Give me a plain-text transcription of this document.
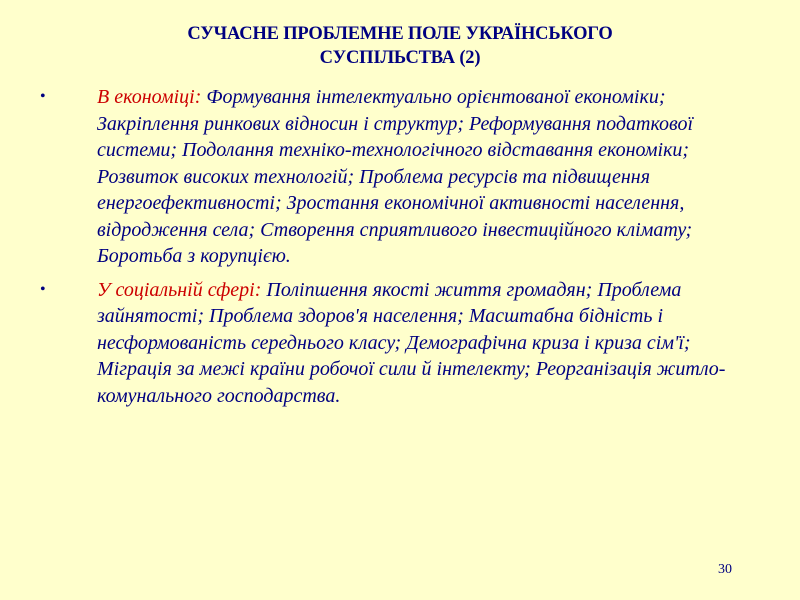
СУЧАСНЕ ПРОБЛЕМНЕ ПОЛЕ УКРАЇНСЬКОГО
СУСПІЛЬСТВА (2)
•	В економіці: Формування інтелектуально орієнтованої економіки; Закріплення ринкових відносин і структур; Реформування податкової системи; Подолання техніко-технологічного відставання економіки; Розвиток високих технологій; Проблема ресурсів та підвищення енергоефективності; Зростання економічної активності населення, відродження села; Створення сприятливого інвестиційного клімату; Боротьба з корупцією.
•	У соціальній сфері: Поліпшення якості життя громадян; Проблема зайнятості; Проблема здоров'я населення; Масштабна бідність і несформованість середнього класу; Демографічна криза і криза сім'ї; Міграція за межі країни робочої сили й інтелекту; Реорганізація житло-комунального господарства.
30
